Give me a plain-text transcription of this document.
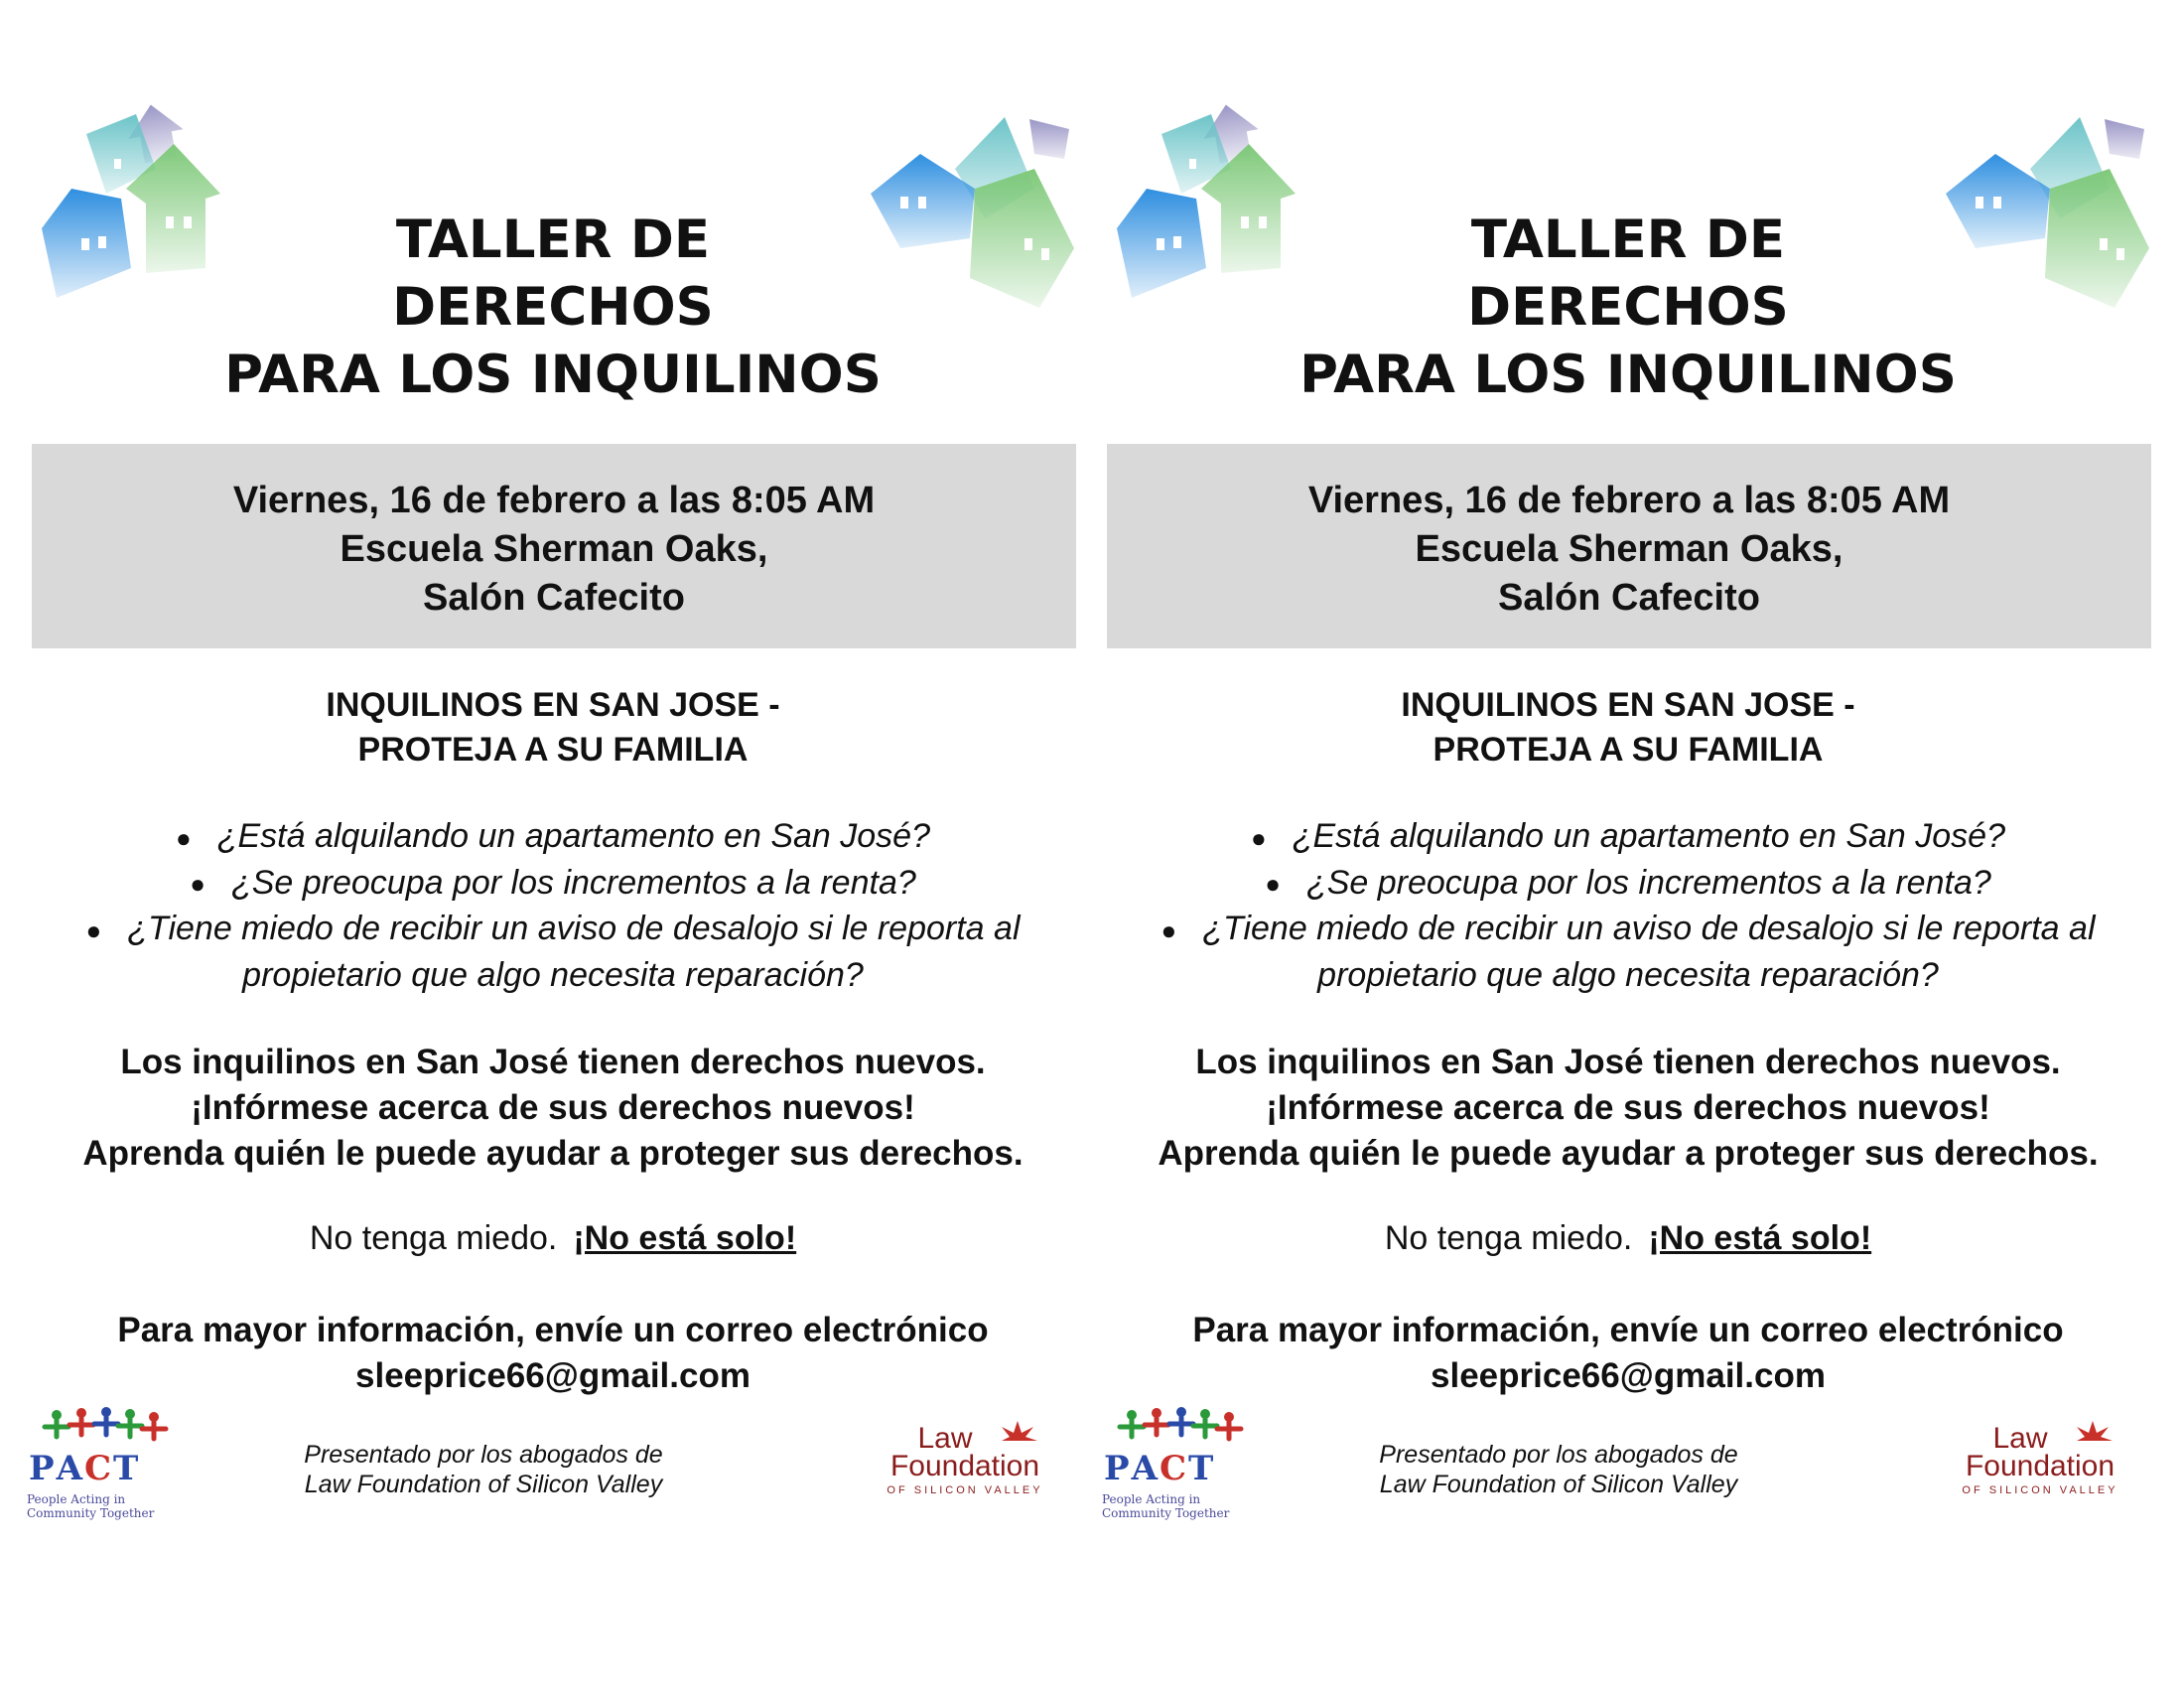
TALLER DE
DERECHOS
PARA LOS INQUILINOS
Viernes, 16 de febrero a las 8:05 AM
Escuela Sherman Oaks,
Salón Cafecito
INQUILINOS EN SAN JOSE -
PROTEJA A SU FAMILIA
● ¿Está alquilando un apartamento en San José?
● ¿Se preocupa por los incrementos a la renta?
● ¿Tiene miedo de recibir un aviso de desalojo si le reporta al
propietario que algo necesita reparación?
Los inquilinos en San José tienen derechos nuevos.
¡Infórmese acerca de sus derechos nuevos!
Aprenda quién le puede ayudar a proteger sus derechos.
No tenga miedo. ¡No está solo!
Para mayor información, envíe un correo electrónico
sleeprice66@gmail.com
PACT
People Acting in
Community Together
Presentado por los abogados de
Law Foundation of Silicon Valley
Law
Foundation
OF SILICON VALLEY
TALLER DE
DERECHOS
PARA LOS INQUILINOS
Viernes, 16 de febrero a las 8:05 AM
Escuela Sherman Oaks,
Salón Cafecito
INQUILINOS EN SAN JOSE -
PROTEJA A SU FAMILIA
● ¿Está alquilando un apartamento en San José?
● ¿Se preocupa por los incrementos a la renta?
● ¿Tiene miedo de recibir un aviso de desalojo si le reporta al
propietario que algo necesita reparación?
Los inquilinos en San José tienen derechos nuevos.
¡Infórmese acerca de sus derechos nuevos!
Aprenda quién le puede ayudar a proteger sus derechos.
No tenga miedo. ¡No está solo!
Para mayor información, envíe un correo electrónico
sleeprice66@gmail.com
PACT
People Acting in
Community Together
Presentado por los abogados de
Law Foundation of Silicon Valley
Law
Foundation
OF SILICON VALLEY
